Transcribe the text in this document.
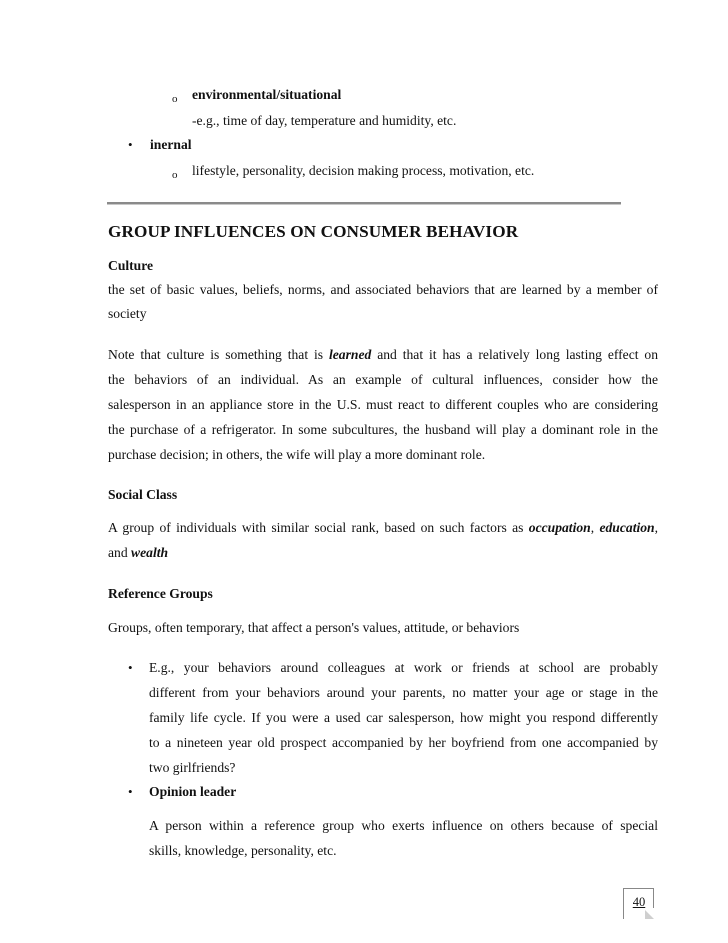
o environmental/situational
-e.g., time of day, temperature and humidity, etc.
• inernal
o lifestyle, personality, decision making process, motivation, etc.
GROUP INFLUENCES ON CONSUMER BEHAVIOR
Culture
the set of basic values, beliefs, norms, and associated behaviors that are learned by a member of
society
Note that culture is something that is learned and that it has a relatively long lasting effect on
the behaviors of an individual. As an example of cultural influences, consider how the
salesperson in an appliance store in the U.S. must react to different couples who are considering
the purchase of a refrigerator. In some subcultures, the husband will play a dominant role in the
purchase decision; in others, the wife will play a more dominant role.
Social Class
A group of individuals with similar social rank, based on such factors as occupation, education,
and wealth
Reference Groups
Groups, often temporary, that affect a person's values, attitude, or behaviors
• E.g., your behaviors around colleagues at work or friends at school are probably
different from your behaviors around your parents, no matter your age or stage in the
family life cycle. If you were a used car salesperson, how might you respond differently
to a nineteen year old prospect accompanied by her boyfriend from one accompanied by
two girlfriends?
• Opinion leader
A person within a reference group who exerts influence on others because of special
skills, knowledge, personality, etc.
40
